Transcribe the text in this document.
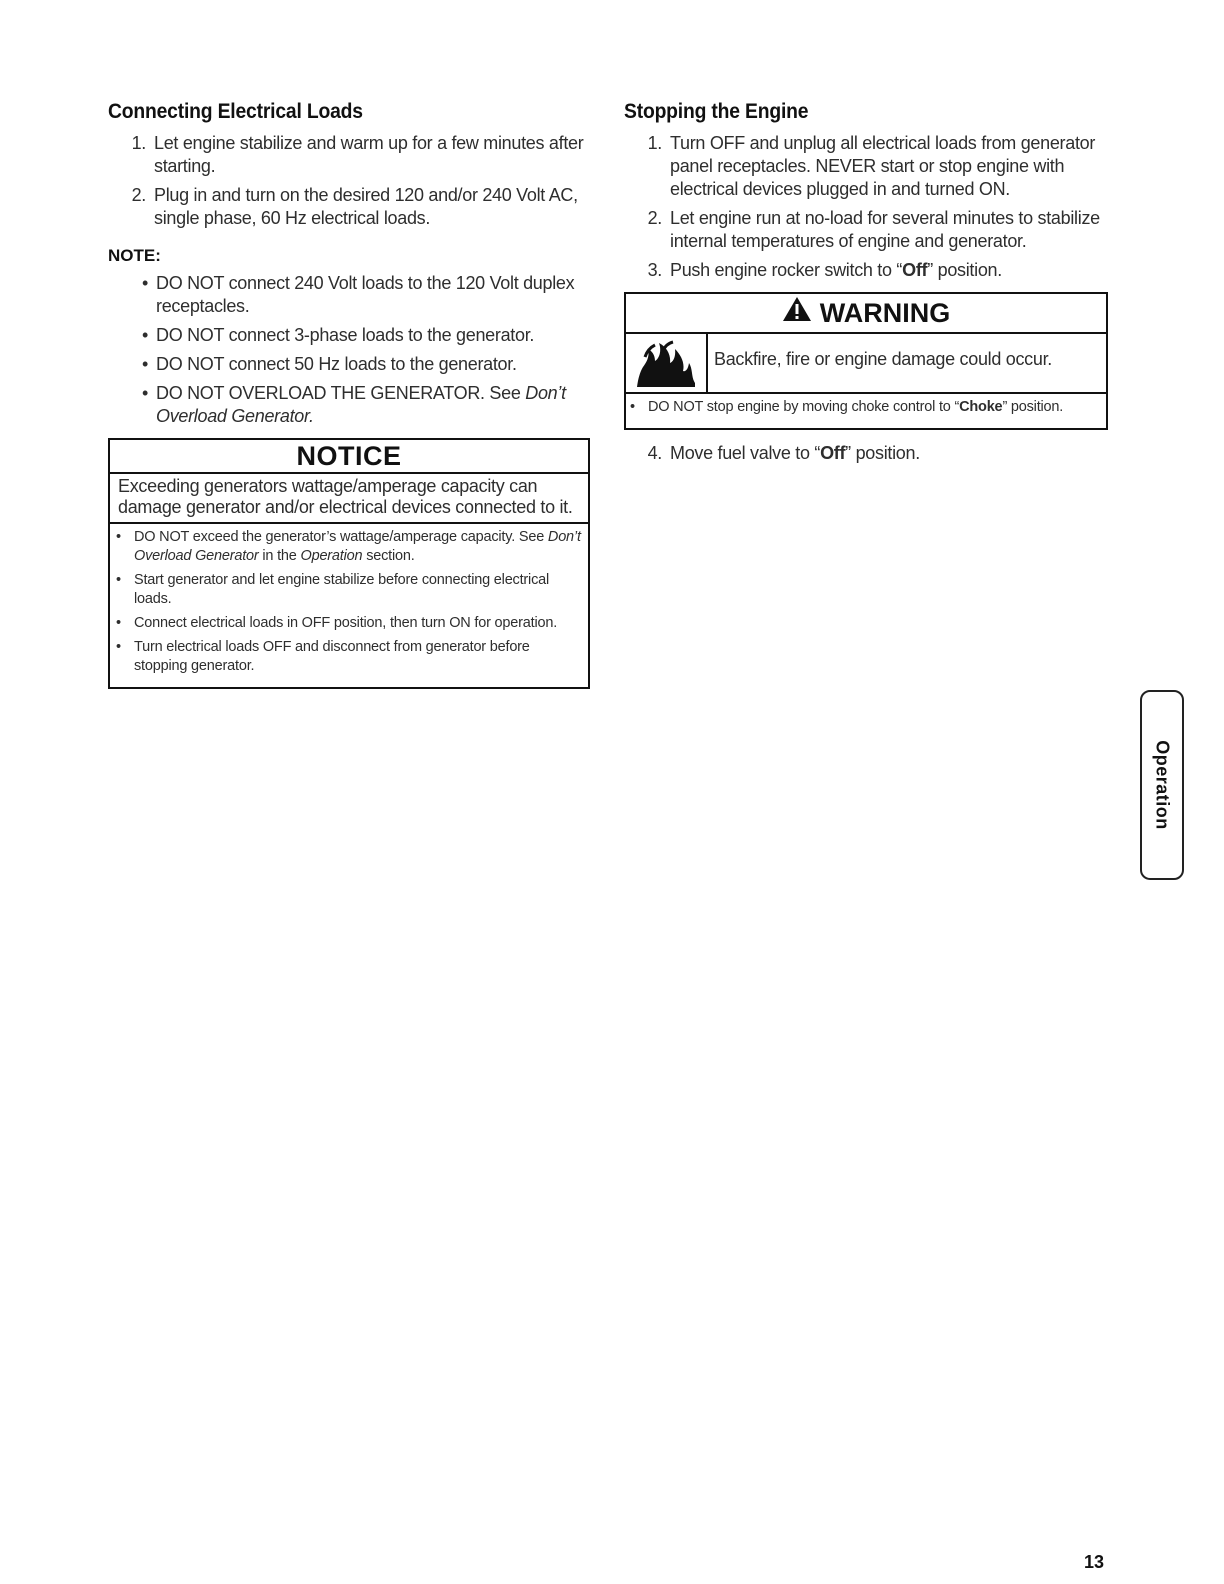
Connecting Electrical Loads
1. Let engine stabilize and warm up for a few minutes after starting.
2. Plug in and turn on the desired 120 and/or 240 Volt AC, single phase, 60 Hz electrical loads.
NOTE:
• DO NOT connect 240 Volt loads to the 120 Volt duplex receptacles.
• DO NOT connect 3-phase loads to the generator.
• DO NOT connect 50 Hz loads to the generator.
• DO NOT OVERLOAD THE GENERATOR. See Don’t Overload Generator.
NOTICE
Exceeding generators wattage/amperage capacity can damage generator and/or electrical devices connected to it.
• DO NOT exceed the generator’s wattage/amperage capacity. See Don’t Overload Generator in the Operation section.
• Start generator and let engine stabilize before connecting electrical loads.
• Connect electrical loads in OFF position, then turn ON for operation.
• Turn electrical loads OFF and disconnect from generator before stopping generator.
Stopping the Engine
1. Turn OFF and unplug all electrical loads from generator panel receptacles. NEVER start or stop engine with electrical devices plugged in and turned ON.
2. Let engine run at no-load for several minutes to stabilize internal temperatures of engine and generator.
3. Push engine rocker switch to “Off” position.
WARNING
Backfire, fire or engine damage could occur.
• DO NOT stop engine by moving choke control to “Choke” position.
4. Move fuel valve to “Off” position.
Operation
13
